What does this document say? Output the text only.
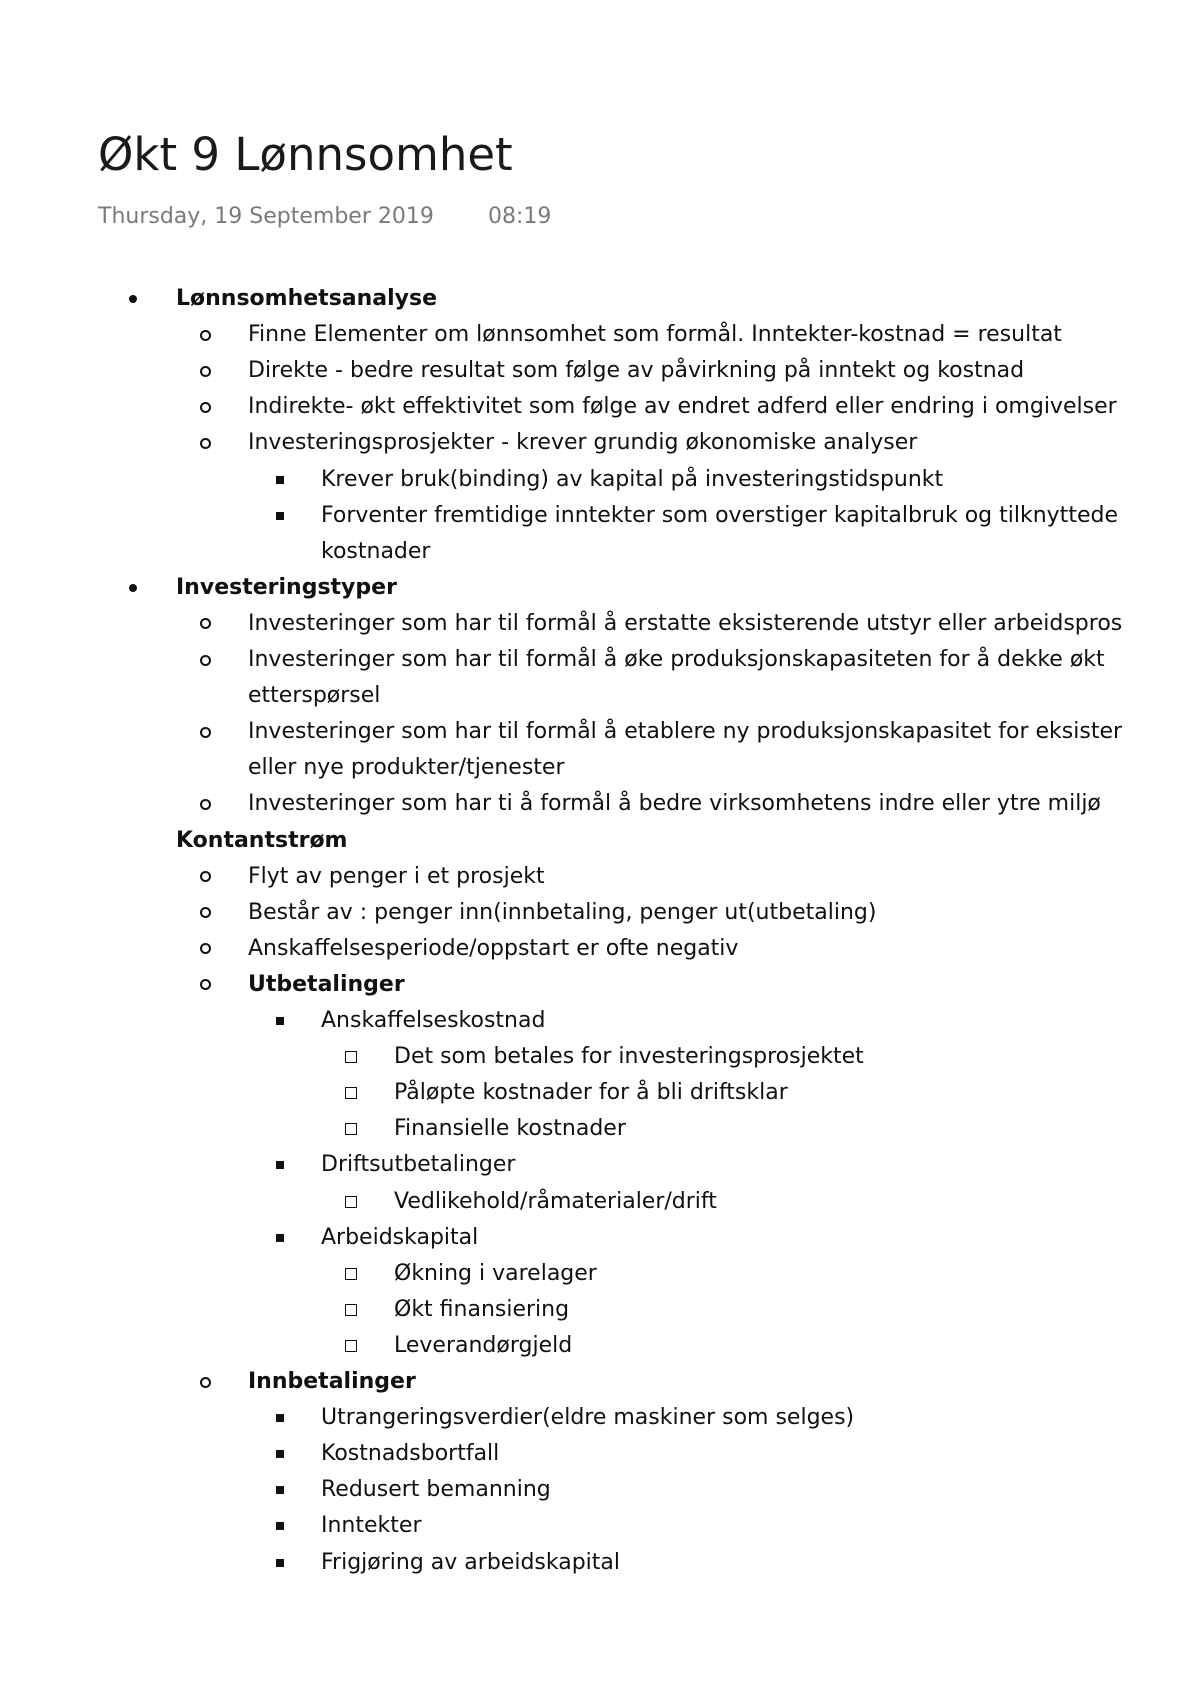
Økt 9 Lønnsomhet
Thursday, 19 September 2019 08:19
Lønnsomhetsanalyse
Finne Elementer om lønnsomhet som formål. Inntekter-kostnad = resultat
Direkte - bedre resultat som følge av påvirkning på inntekt og kostnad
Indirekte- økt effektivitet som følge av endret adferd eller endring i omgivelser
Investeringsprosjekter - krever grundig økonomiske analyser
Krever bruk(binding) av kapital på investeringstidspunkt
Forventer fremtidige inntekter som overstiger kapitalbruk og tilknyttede
kostnader
Investeringstyper
Investeringer som har til formål å erstatte eksisterende utstyr eller arbeidspros
Investeringer som har til formål å øke produksjonskapasiteten for å dekke økt
etterspørsel
Investeringer som har til formål å etablere ny produksjonskapasitet for eksister
eller nye produkter/tjenester
Investeringer som har ti å formål å bedre virksomhetens indre eller ytre miljø
Kontantstrøm
Flyt av penger i et prosjekt
Består av : penger inn(innbetaling, penger ut(utbetaling)
Anskaffelsesperiode/oppstart er ofte negativ
Utbetalinger
Anskaffelseskostnad
Det som betales for investeringsprosjektet
Påløpte kostnader for å bli driftsklar
Finansielle kostnader
Driftsutbetalinger
Vedlikehold/råmaterialer/drift
Arbeidskapital
Økning i varelager
Økt finansiering
Leverandørgjeld
Innbetalinger
Utrangeringsverdier(eldre maskiner som selges)
Kostnadsbortfall
Redusert bemanning
Inntekter
Frigjøring av arbeidskapital
